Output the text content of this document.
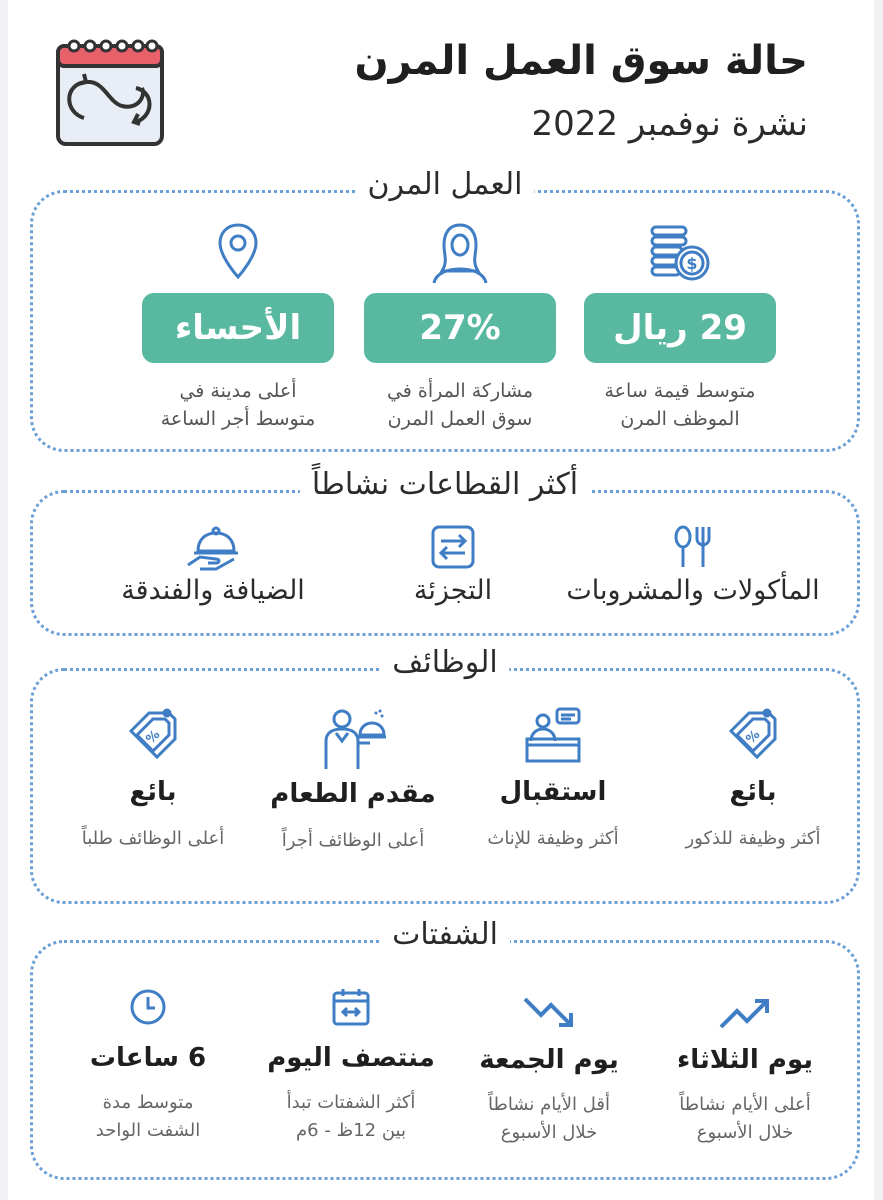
حالة سوق العمل المرن
نشرة نوفمبر 2022
العمل المرن
$
29 ريال
متوسط قيمة ساعة
الموظف المرن
27%
مشاركة المرأة في
سوق العمل المرن
الأحساء
أعلى مدينة في
متوسط أجر الساعة
أكثر القطاعات نشاطاً
المأكولات والمشروبات
التجزئة
الضيافة والفندقة
الوظائف
%
بائع
أكثر وظيفة للذكور
استقبال
أكثر وظيفة للإناث
مقدم الطعام
أعلى الوظائف أجراً
%
بائع
أعلى الوظائف طلباً
الشفتات
يوم الثلاثاء
أعلى الأيام نشاطاً
خلال الأسبوع
يوم الجمعة
أقل الأيام نشاطاً
خلال الأسبوع
منتصف اليوم
أكثر الشفتات تبدأ
بين 12ظ - 6م
6 ساعات
متوسط مدة
الشفت الواحد
